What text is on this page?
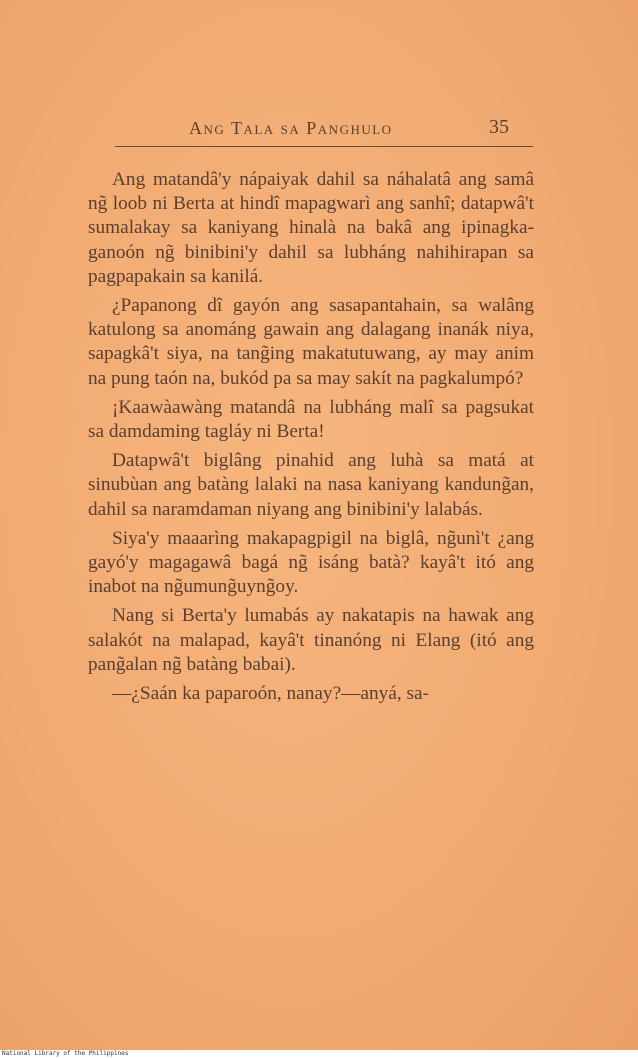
Ang Tala sa Panghulo	35

Ang matandâ'y nápaiyak dahil sa náhalatâ ang samâ ng̃ loob ni Berta at hindî mapagwarì ang sanhî; datapwâ't sumalakay sa kaniyang hinalà na bakâ ang ipinagkaganoón ng̃ binibini'y dahil sa lubháng nahihirapan sa pagpapakain sa kanilá.

¿Papanong dî gayón ang sasapantahain, sa walâng katulong sa anománg gawain ang dalagang inanák niya, sapagkâ't siya, na tang̃ing makatutuwang, ay may anim na pung taón na, bukód pa sa may sakít na pagkalumpó?

¡Kaawàawàng matandâ na lubháng malî sa pagsukat sa damdaming tagláy ni Berta!

Datapwâ't biglâng pinahid ang luhà sa matá at sinubùan ang batàng lalaki na nasa kaniyang kandung̃an, dahil sa naramdaman niyang ang binibini'y lalabás.

Siya'y maaarìng makapagpigil na biglâ, ng̃unì't ¿ang gayó'y magagawâ bagá ng̃ isáng batà? kayâ't itó ang inabot na ng̃umung̃uyng̃oy.

Nang si Berta'y lumabás ay nakatapis na hawak ang salakót na malapad, kayâ't tinanóng ni Elang (itó ang pang̃alan ng̃ batàng babai).

—¿Saán ka paparoón, nanay?—anyá, sa-

National Library of the Philippines
